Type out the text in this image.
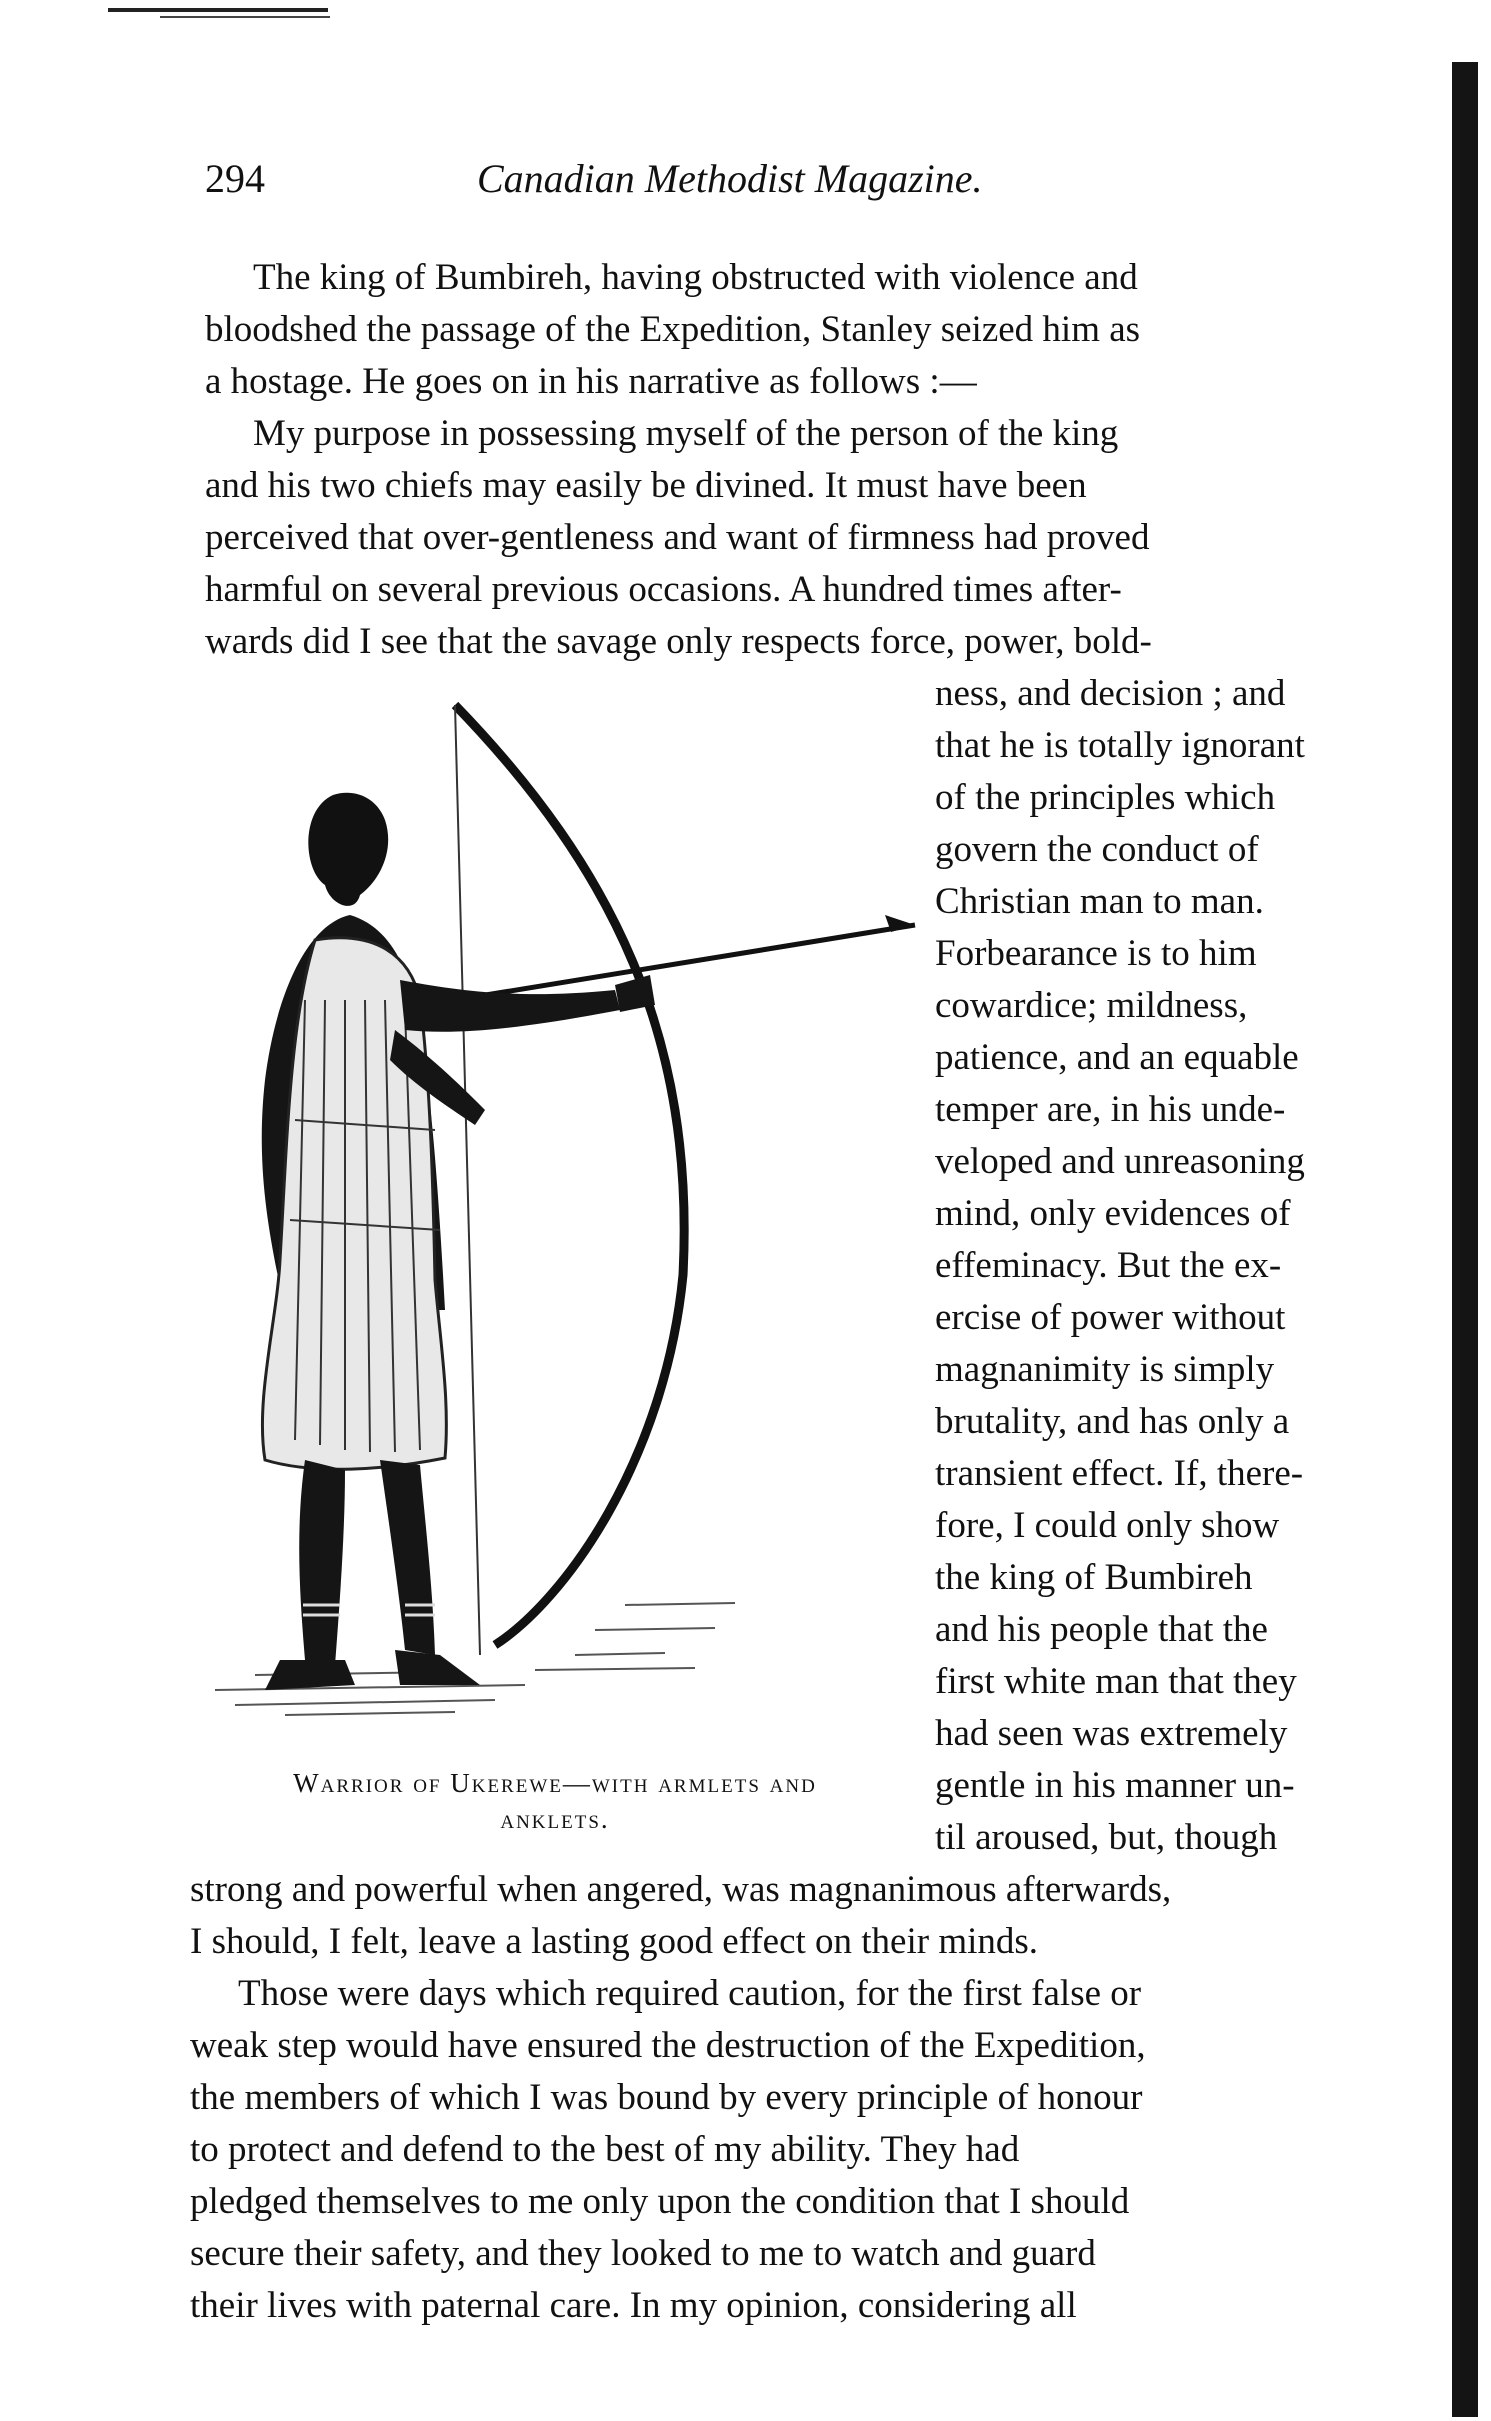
294	Canadian Methodist Magazine.
The king of Bumbireh, having obstructed with violence and
bloodshed the passage of the Expedition, Stanley seized him as
a hostage. He goes on in his narrative as follows :—
My purpose in possessing myself of the person of the king
and his two chiefs may easily be divined. It must have been
perceived that over-gentleness and want of firmness had proved
harmful on several previous occasions. A hundred times after-
wards did I see that the savage only respects force, power, bold-
ness, and decision ; and
that he is totally ignorant
of the principles which
govern the conduct of
Christian man to man.
Forbearance is to him
cowardice; mildness,
patience, and an equable
temper are, in his unde-
veloped and unreasoning
mind, only evidences of
effeminacy. But the ex-
ercise of power without
magnanimity is simply
brutality, and has only a
transient effect. If, there-
fore, I could only show
the king of Bumbireh
and his people that the
first white man that they
had seen was extremely
gentle in his manner un-
til aroused, but, though
Warrior of Ukerewe—with armlets and
anklets.
strong and powerful when angered, was magnanimous afterwards,
I should, I felt, leave a lasting good effect on their minds.
Those were days which required caution, for the first false or
weak step would have ensured the destruction of the Expedition,
the members of which I was bound by every principle of honour
to protect and defend to the best of my ability. They had
pledged themselves to me only upon the condition that I should
secure their safety, and they looked to me to watch and guard
their lives with paternal care. In my opinion, considering all
